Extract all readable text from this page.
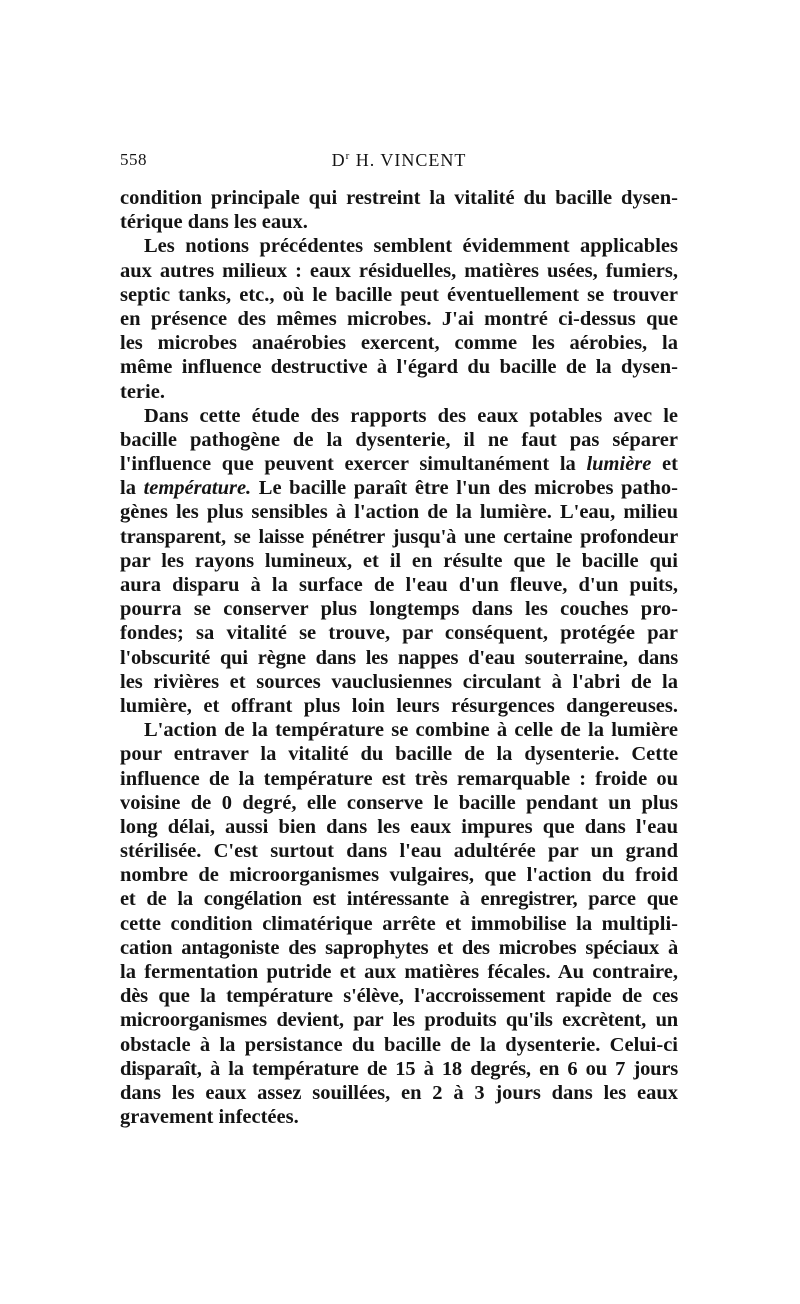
558	$D^r$ H. VINCENT
condition principale qui restreint la vitalité du bacille dysen-
térique dans les eaux.
Les notions précédentes semblent évidemment applicables
aux autres milieux : eaux résiduelles, matières usées, fumiers,
septic tanks, etc., où le bacille peut éventuellement se trouver
en présence des mêmes microbes. J'ai montré ci-dessus que
les microbes anaérobies exercent, comme les aérobies, la
même influence destructive à l'égard du bacille de la dysen-
terie.
Dans cette étude des rapports des eaux potables avec le
bacille pathogène de la dysenterie, il ne faut pas séparer
l'influence que peuvent exercer simultanément la lumière et
la température. Le bacille paraît être l'un des microbes patho-
gènes les plus sensibles à l'action de la lumière. L'eau, milieu
transparent, se laisse pénétrer jusqu'à une certaine profondeur
par les rayons lumineux, et il en résulte que le bacille qui
aura disparu à la surface de l'eau d'un fleuve, d'un puits,
pourra se conserver plus longtemps dans les couches pro-
fondes; sa vitalité se trouve, par conséquent, protégée par
l'obscurité qui règne dans les nappes d'eau souterraine, dans
les rivières et sources vauclusiennes circulant à l'abri de la
lumière, et offrant plus loin leurs résurgences dangereuses.
L'action de la température se combine à celle de la lumière
pour entraver la vitalité du bacille de la dysenterie. Cette
influence de la température est très remarquable : froide ou
voisine de 0 degré, elle conserve le bacille pendant un plus
long délai, aussi bien dans les eaux impures que dans l'eau
stérilisée. C'est surtout dans l'eau adultérée par un grand
nombre de microorganismes vulgaires, que l'action du froid
et de la congélation est intéressante à enregistrer, parce que
cette condition climatérique arrête et immobilise la multipli-
cation antagoniste des saprophytes et des microbes spéciaux à
la fermentation putride et aux matières fécales. Au contraire,
dès que la température s'élève, l'accroissement rapide de ces
microorganismes devient, par les produits qu'ils excrètent, un
obstacle à la persistance du bacille de la dysenterie. Celui-ci
disparaît, à la température de 15 à 18 degrés, en 6 ou 7 jours
dans les eaux assez souillées, en 2 à 3 jours dans les eaux
gravement infectées.
